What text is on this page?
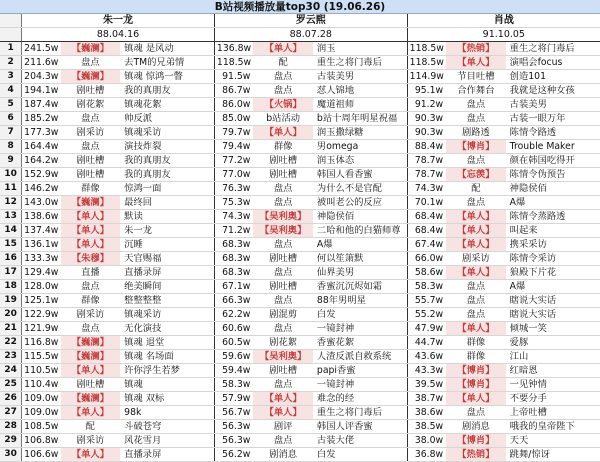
B站视频播放量top30 (19.06.26)
	朱一龙			罗云熙			肖战		
	88.04.16			88.07.28			91.10.05		
1	241.5w	【巍澜】	镇魂 是风动	136.8w	【单人】	润玉	118.5w	【热销】	重生之将门毒后
2	211.6w	盘点	去TM的兄弟情	118.5w	配	重生之将门毒后	118.5w	【单人】	演唱会focus
3	204.3w	【巍澜】	镇魂 惊鸿一瞥	91.5w	盘点	古装美男	114.9w	节目吐槽	创造101
4	194.1w	剧吐槽	我的真朋友	86.7w	盘点	怼人锦地	95.1w	合作舞台	我就是这种女孩
5	187.4w	剧花絮	镇魂花絮	86.0w	【火锅】	魔道祖师	91.2w	盘点	古装美男
6	185.2w	盘点	帅反派	85.0w	b站活动	b站十周年明星祝福	90.3w	盘点	古装一眼万年
7	177.3w	剧采访	镇魂采访	79.7w	【单人】	润玉撒绿糖	90.3w	剧路透	陈情令路透
8	164.4w	盘点	演技炸裂	79.4w	群像	男omega	88.4w	【博肖】	Trouble Maker
9	164.2w	剧吐槽	我的真朋友	77.2w	剧吐槽	润玉体态	78.7w	盘点	颜在韩国吃得开
10	152.9w	剧吐槽	我的真朋友	77.0w	剧吐槽	韩国人看香蜜	78.7w	【忘羡】	陈情令伪预告
11	146.2w	群像	惊鸿一面	76.3w	盘点	为什么不是官配	74.3w	配	神隐侯佰
12	143.0w	【巍澜】	最终回	75.3w	盘点	被叫老公的反应	70.1w	盘点	A爆
13	138.6w	【单人】	默读	74.3w	【吴利奥】	神隐侯佰	68.4w	【单人】	陈情令蒸路透
14	137.4w	【单人】	朱一龙	71.2w	【吴利奥】	二哈和他的白猫师尊	68.4w	【单人】	叫起来
15	136.1w	【单人】	沉睡	68.3w	盘点	A爆	67.4w	【单人】	携采采访
16	133.3w	【朱穆】	天官赐福	68.3w	剧吐槽	何以笙箫默	66.0w	剧采访	陈情令采访
17	129.4w	直播	直播录屏	68.3w	盘点	仙界美男	58.6w	【单人】	狼殿下片花
18	128.0w	盘点	绝美瞬间	67.1w	剧吐槽	香蜜沉沉烬如霜	58.3w	盘点	A爆
19	125.1w	群像	整整整整	66.3w	盘点	88年男明星	55.7w	盘点	瞎说大实话
20	122.9w	剧采访	镇魂采访	62.2w	剧混剪	白发	55.2w	盘点	瞎说大实话
21	121.9w	盘点	无化演技	60.6w	盘点	一镜封神	47.9w	【单人】	倾城一笑
22	116.8w	【巍澜】	镇魂 退堂	60.5w	剧花絮	香蜜花絮	44.7w	群像	爱豚
23	115.5w	【巍澜】	镇魂 名场面	59.6w	【吴利奥】	人渣反派自救系统	43.6w	群像	江山
24	110.5w	【单人】	许你浮生若梦	59.4w	剧吐槽	papi香蜜	43.3w	【博肖】	红暗恩
25	110.4w	剧吐槽	镇魂	58.3w	盘点	一镜封神	39.5w	【博肖】	一见钟情
26	109.0w	【巍澜】	镇魂 双标	57.9w	【单人】	难念的经	38.7w	【单人】	不要分手
27	109.0w	【单人】	98k	56.7w	【单人】	重生之将门毒后	38.6w	盘点	上帝吐槽
28	108.5w	配	斗破苍穹	56.3w	剧评	韩国人评香蜜	38.5w	剧消息	哦我的皇帝陛下
29	106.8w	剧采访	风花雪月	56.3w	盘点	古装大佬	38.0w	【博肖】	天天
30	106.6w	【单人】	直播录屏	56.2w	剧消息	白发	36.8w	【热销】	跳舞/惊讶
